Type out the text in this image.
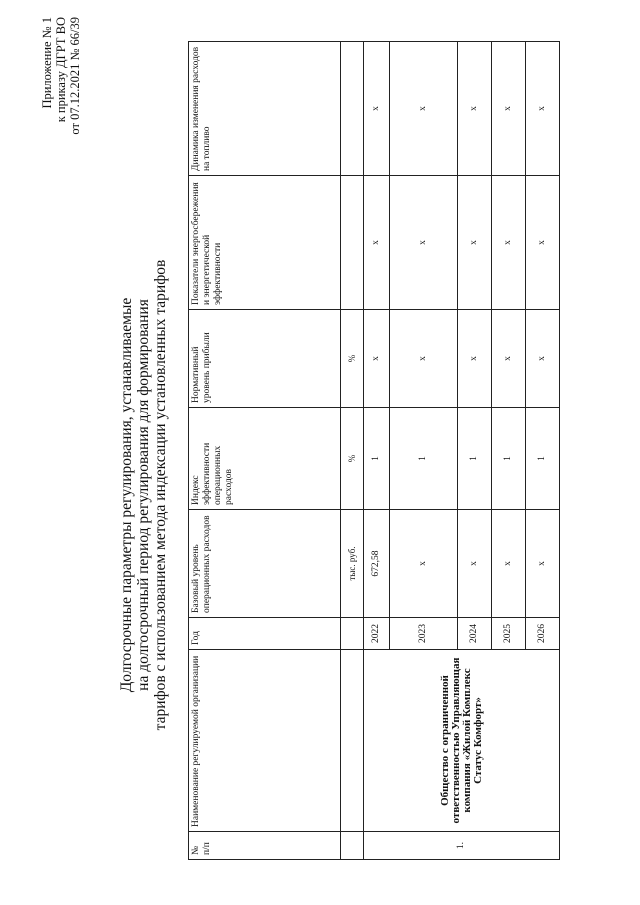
Приложение № 1 к приказу ДГРТ ВО от 07.12.2021 № 66/39
Долгосрочные параметры регулирования, устанавливаемые на долгосрочный период регулирования для формирования тарифов с использованием метода индексации установленных тарифов
№ п/п	Наименование регулируемой организации	Год	Базовый уровень операционных расходов	Индекс эффективности операционных расходов	Нормативный уровень прибыли	Показатели энергосбережения и энергетической эффективности	Динамика изменения расходов на топливо
			тыс. руб.	%	%		
1.	Общество с ограниченной ответственностью Управляющая компания «Жилой Комплекс Статус Комфорт»	2022	672,58	1	x	x	x
		2023	x	1	x	x	x
		2024	x	1	x	x	x
		2025	x	1	x	x	x
		2026	x	1	x	x	x
